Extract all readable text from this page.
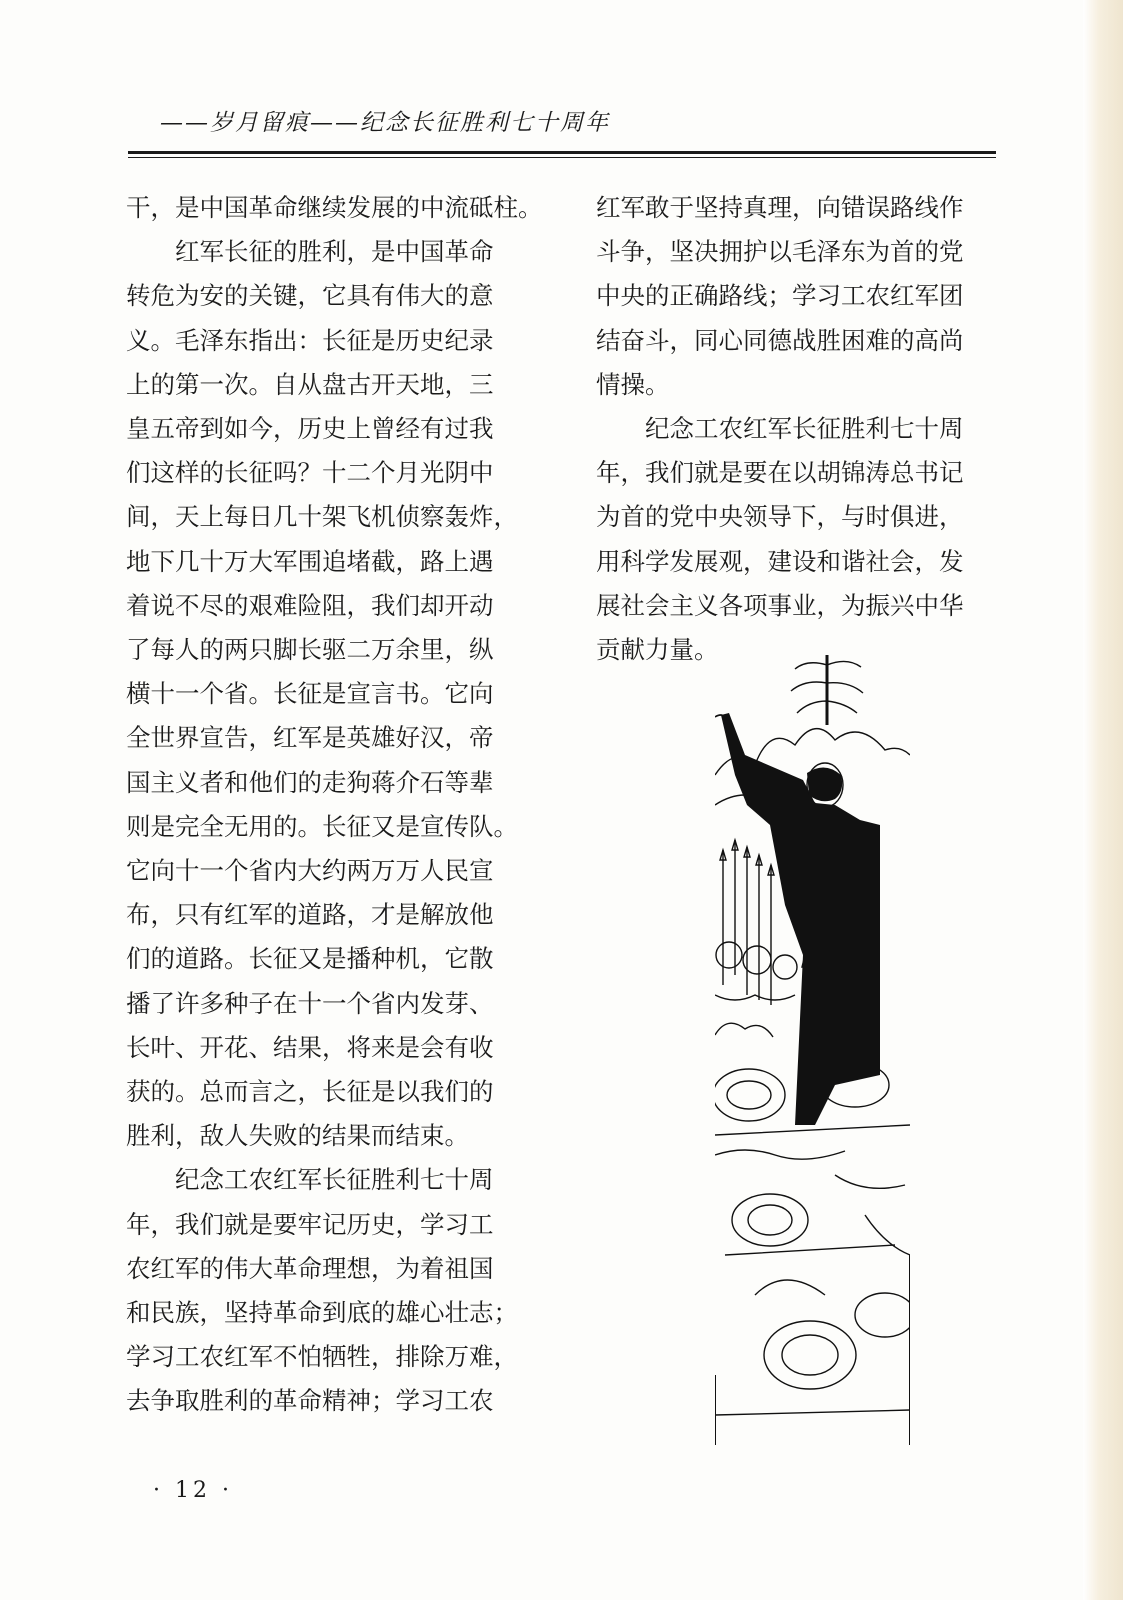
——岁月留痕——纪念长征胜利七十周年

干，是中国革命继续发展的中流砥柱。

　　红军长征的胜利，是中国革命

转危为安的关键，它具有伟大的意

义。毛泽东指出：长征是历史纪录

上的第一次。自从盘古开天地，三

皇五帝到如今，历史上曾经有过我

们这样的长征吗？十二个月光阴中

间，天上每日几十架飞机侦察轰炸，

地下几十万大军围追堵截，路上遇

着说不尽的艰难险阻，我们却开动

了每人的两只脚长驱二万余里，纵

横十一个省。长征是宣言书。它向

全世界宣告，红军是英雄好汉，帝

国主义者和他们的走狗蒋介石等辈

则是完全无用的。长征又是宣传队。

它向十一个省内大约两万万人民宣

布，只有红军的道路，才是解放他

们的道路。长征又是播种机，它散

播了许多种子在十一个省内发芽、

长叶、开花、结果，将来是会有收

获的。总而言之，长征是以我们的

胜利，敌人失败的结果而结束。

　　纪念工农红军长征胜利七十周

年，我们就是要牢记历史，学习工

农红军的伟大革命理想，为着祖国

和民族，坚持革命到底的雄心壮志；

学习工农红军不怕牺牲，排除万难，

去争取胜利的革命精神；学习工农

红军敢于坚持真理，向错误路线作

斗争，坚决拥护以毛泽东为首的党

中央的正确路线；学习工农红军团

结奋斗，同心同德战胜困难的高尚

情操。

　　纪念工农红军长征胜利七十周

年，我们就是要在以胡锦涛总书记

为首的党中央领导下，与时俱进，

用科学发展观，建设和谐社会，发

展社会主义各项事业，为振兴中华

贡献力量。

· 12 ·
